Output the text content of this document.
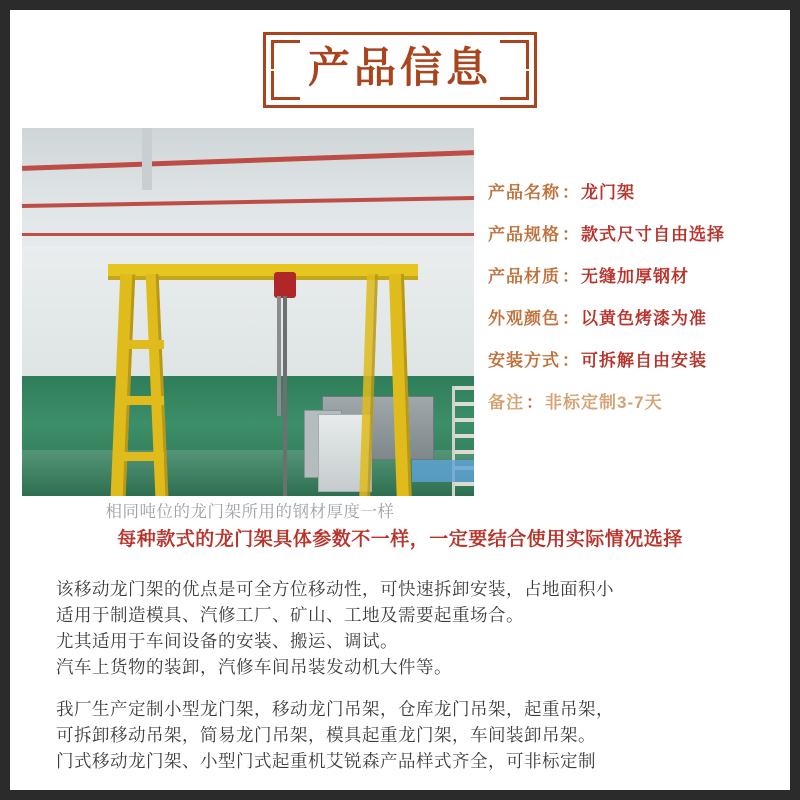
产品信息
产品名称 ： 龙门架
产品规格 ： 款式尺寸自由选择
产品材质 ： 无缝加厚钢材
外观颜色 ： 以黄色烤漆为准
安装方式 ： 可拆解自由安装
备注 ： 非标定制3-7天
相同吨位的龙门架所用的钢材厚度一样
每种款式的龙门架具体参数不一样，一定要结合使用实际情况选择

该移动龙门架的优点是可全方位移动性，可快速拆卸安装，占地面积小

适用于制造模具、汽修工厂、矿山、工地及需要起重场合。

尤其适用于车间设备的安装、搬运、调试。

汽车上货物的装卸，汽修车间吊装发动机大件等。

我厂生产定制小型龙门架，移动龙门吊架，仓库龙门吊架，起重吊架，

可拆卸移动吊架，简易龙门吊架，模具起重龙门架，车间装卸吊架。

门式移动龙门架、小型门式起重机艾锐森产品样式齐全，可非标定制
